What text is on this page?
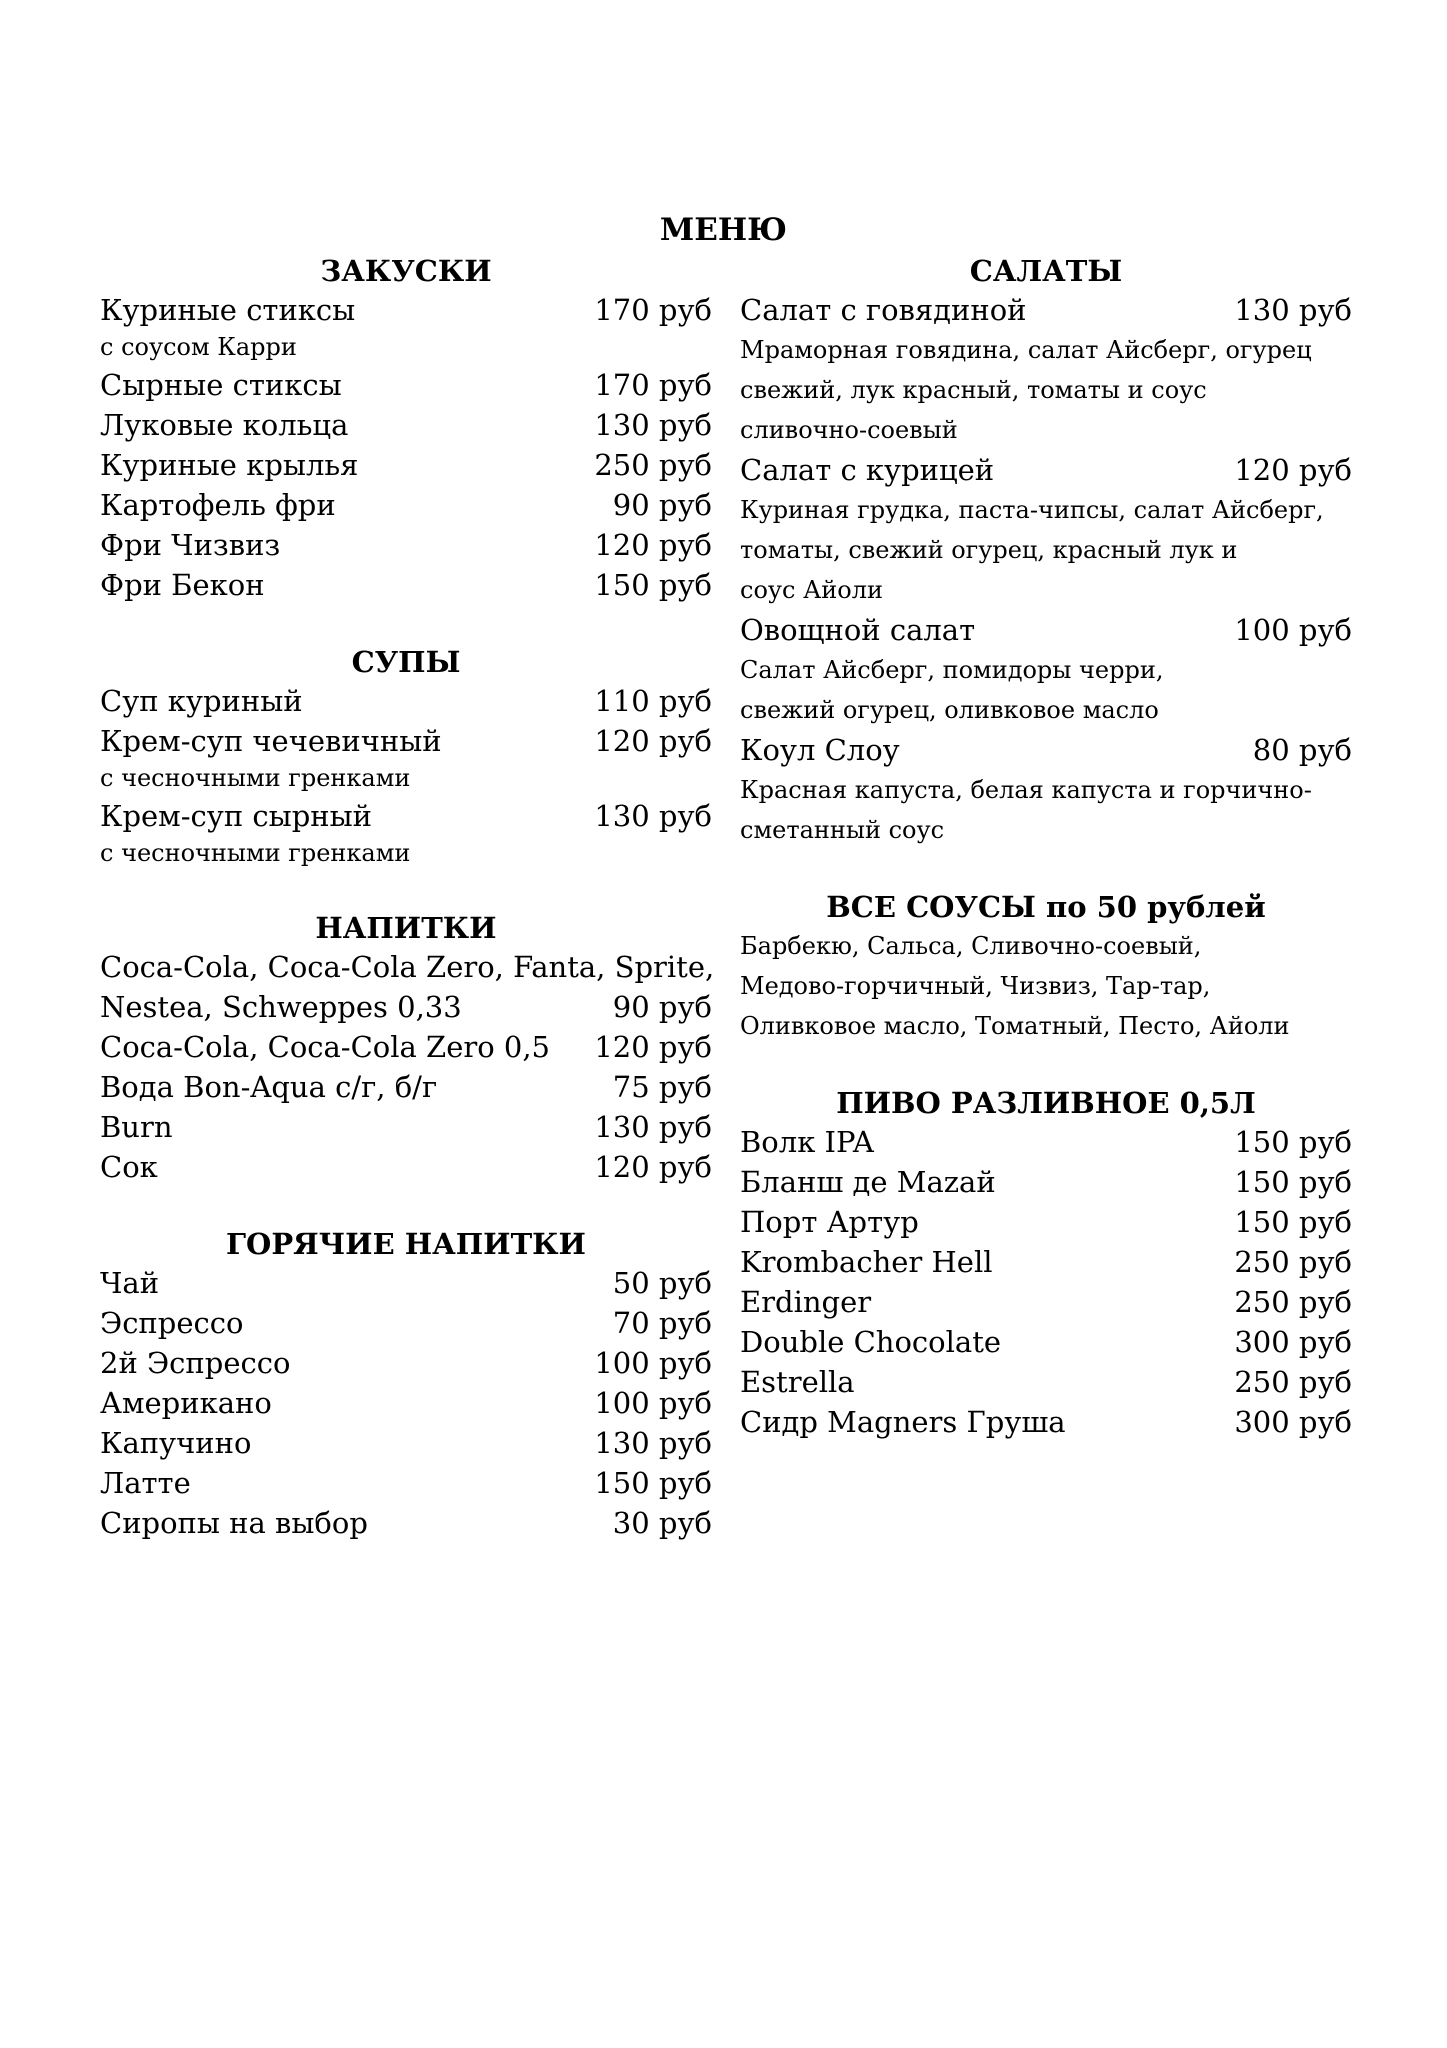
МЕНЮ
ЗАКУСКИ
Куриные стиксы	170 руб

с соусом Карри

Сырные стиксы	170 руб
Луковые кольца	130 руб
Куриные крылья	250 руб
Картофель фри	90 руб
Фри Чизвиз	120 руб
Фри Бекон	150 руб
СУПЫ
Суп куриный	110 руб
Крем-суп чечевичный	120 руб

с чесночными гренками

Крем-суп сырный	130 руб

с чесночными гренками

НАПИТКИ
Coca-Cola, Coca-Cola Zero, Fanta, Sprite,
Nestea, Schweppes 0,33	90 руб
Coca-Cola, Coca-Cola Zero 0,5 120 руб
Вода Bon-Aqua с/г, б/г	75 руб
Burn	130 руб
Сок	120 руб
ГОРЯЧИЕ НАПИТКИ
Чай	50 руб
Эспрессо	70 руб
2й Эспрессо	100 руб
Американо	100 руб
Капучино	130 руб
Латте	150 руб
Сиропы на выбор	30 руб
САЛАТЫ
Салат с говядиной	130 руб

Мраморная говядина, салат Айсберг, огурец

свежий, лук красный, томаты и соус

сливочно-соевый

Салат с курицей	120 руб

Куриная грудка, паста-чипсы, салат Айсберг,

томаты, свежий огурец, красный лук и

соус Айоли

Овощной салат	100 руб

Салат Айсберг, помидоры черри,

свежий огурец, оливковое масло

Коул Слоу	80 руб

Красная капуста, белая капуста и горчично-

сметанный соус

ВСЕ СОУСЫ по 50 рублей

Барбекю, Сальса, Сливочно-соевый,

Медово-горчичный, Чизвиз, Тар-тар,

Оливковое масло, Томатный, Песто, Айоли

ПИВО РАЗЛИВНОЕ 0,5Л
Волк IPA	150 руб
Бланш де Mazaй	150 руб
Порт Артур	150 руб
Krombacher Hell	250 руб
Erdinger	250 руб
Double Chocolate	300 руб
Estrella	250 руб
Сидр Magners Груша	300 руб
